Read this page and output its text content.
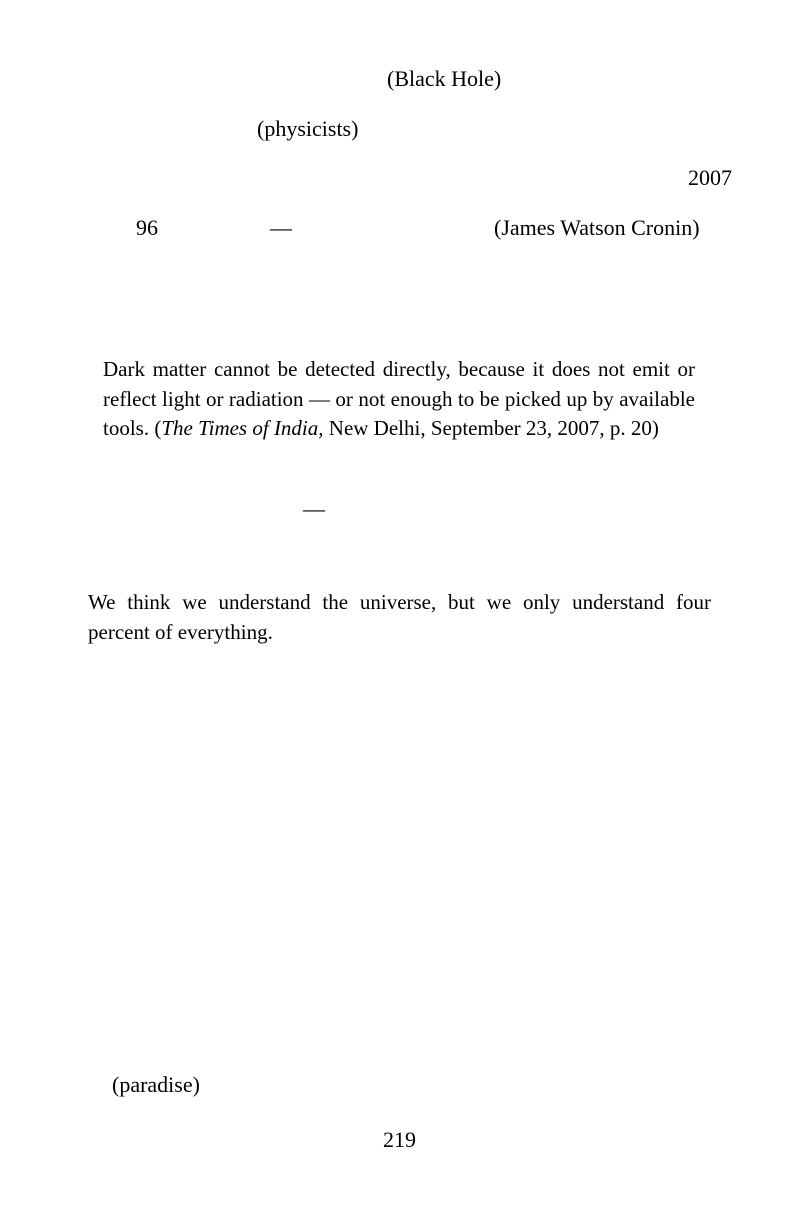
(Black Hole)
(physicists)
2007
96	—	(James Watson Cronin)
Dark matter cannot be detected directly, because it does not emit or reflect light or radiation — or not enough to be picked up by available tools. (The Times of India, New Delhi, September 23, 2007, p. 20)
—
We think we understand the universe, but we only understand four percent of everything.
(paradise)
219
